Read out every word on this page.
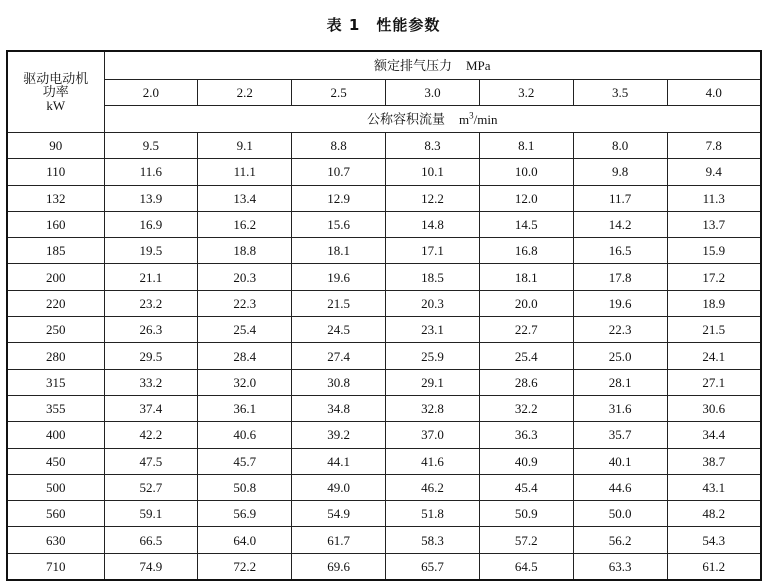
表 1 性能参数
驱动电动机
功率
kW	额定排气压力 MPa						
	2.0	2.2	2.5	3.0	3.2	3.5	4.0
	公称容积流量 $m^3/\min$						
90	9.5	9.1	8.8	8.3	8.1	8.0	7.8
110	11.6	11.1	10.7	10.1	10.0	9.8	9.4
132	13.9	13.4	12.9	12.2	12.0	11.7	11.3
160	16.9	16.2	15.6	14.8	14.5	14.2	13.7
185	19.5	18.8	18.1	17.1	16.8	16.5	15.9
200	21.1	20.3	19.6	18.5	18.1	17.8	17.2
220	23.2	22.3	21.5	20.3	20.0	19.6	18.9
250	26.3	25.4	24.5	23.1	22.7	22.3	21.5
280	29.5	28.4	27.4	25.9	25.4	25.0	24.1
315	33.2	32.0	30.8	29.1	28.6	28.1	27.1
355	37.4	36.1	34.8	32.8	32.2	31.6	30.6
400	42.2	40.6	39.2	37.0	36.3	35.7	34.4
450	47.5	45.7	44.1	41.6	40.9	40.1	38.7
500	52.7	50.8	49.0	46.2	45.4	44.6	43.1
560	59.1	56.9	54.9	51.8	50.9	50.0	48.2
630	66.5	64.0	61.7	58.3	57.2	56.2	54.3
710	74.9	72.2	69.6	65.7	64.5	63.3	61.2
